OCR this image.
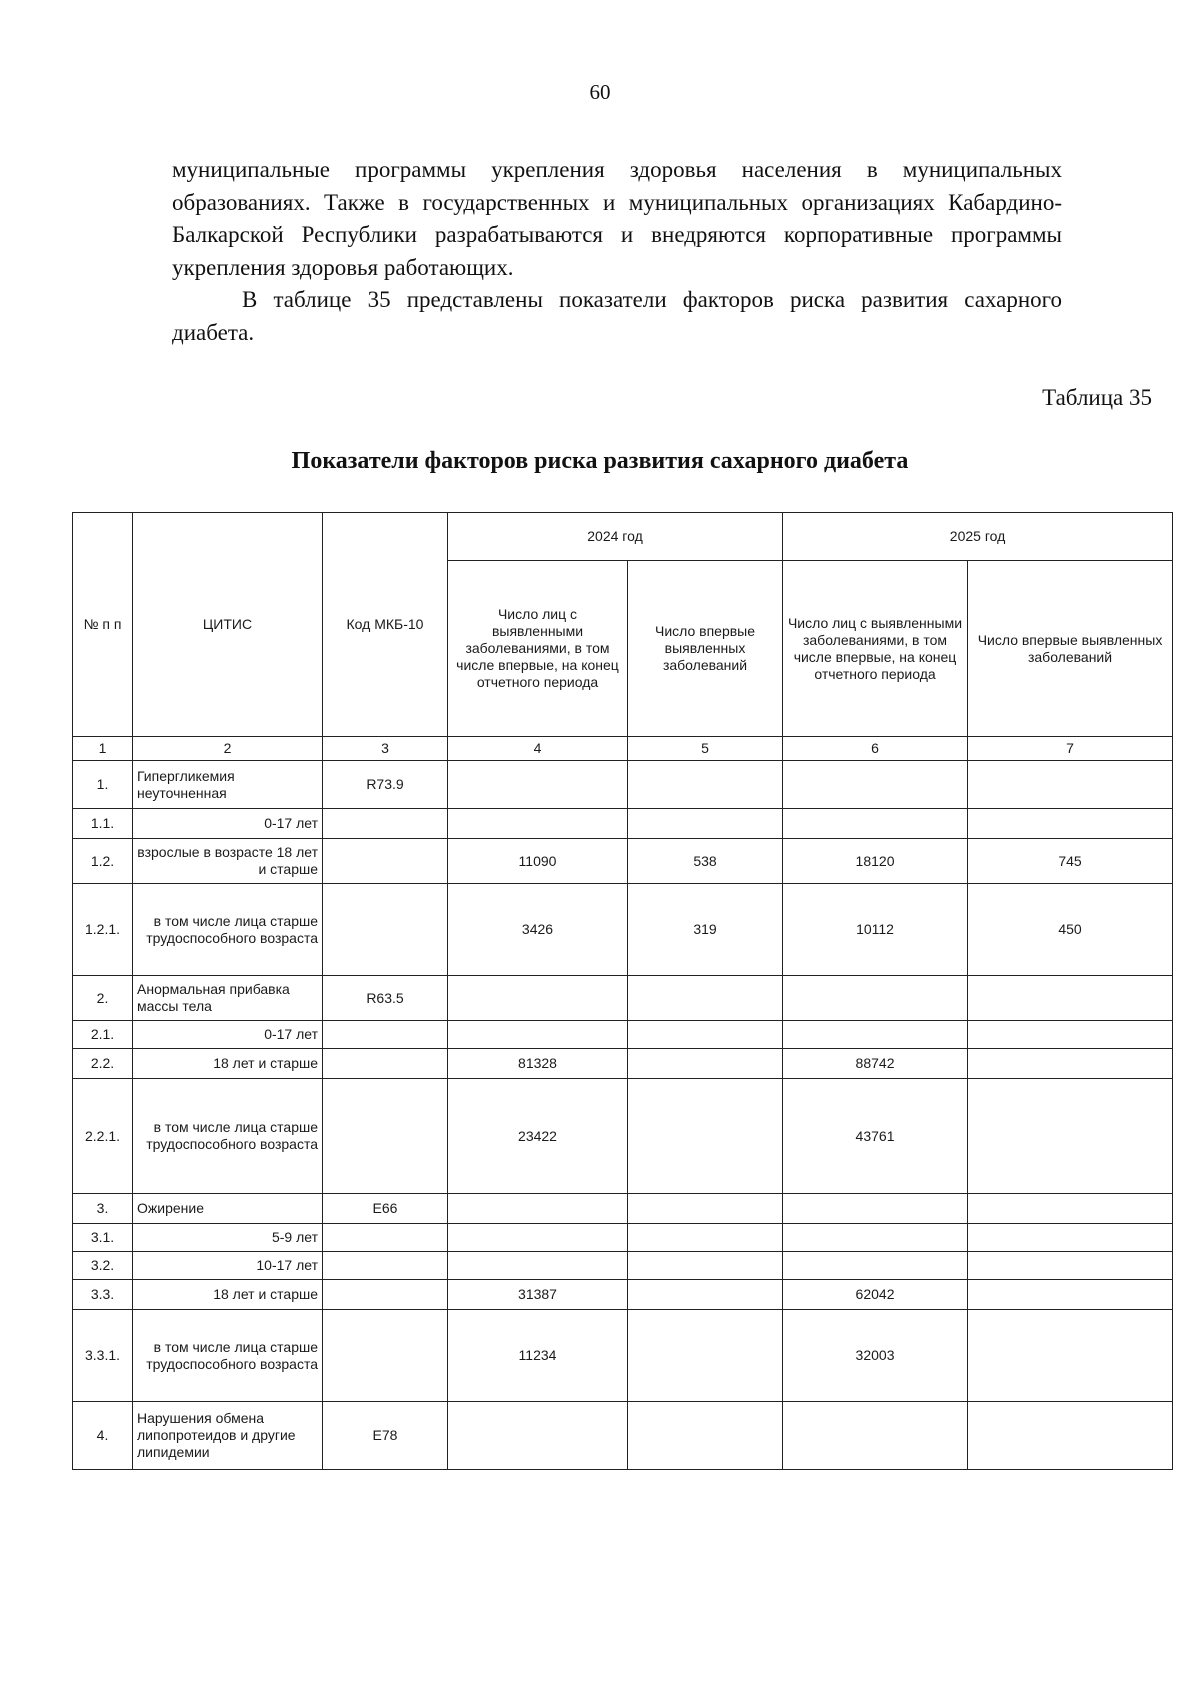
60

муниципальные программы укрепления здоровья населения в муниципальных образованиях. Также в государственных и муниципальных организациях Кабардино-Балкарской Республики разрабатываются и внедряются корпоративные программы укрепления здоровья работающих.

В таблице 35 представлены показатели факторов риска развития сахарного диабета.

Таблица 35
Показатели факторов риска развития сахарного диабета
№ п п	ЦИТИС	Код МКБ-10	2024 год		2025 год	
			Число лиц с выявленными заболеваниями, в том числе впервые, на конец отчетного периода	Число впервые выявленных заболеваний	Число лиц с выявленными заболеваниями, в том числе впервые, на конец отчетного периода	Число впервые выявленных заболеваний
1	2	3	4	5	6	7
1.	Гипергликемия неуточненная	R73.9				
1.1.	0-17 лет					
1.2.	взрослые в возрасте 18 лет и старше		11090	538	18120	745
1.2.1.	в том числе лица старше трудоспособного возраста		3426	319	10112	450
2.	Анормальная прибавка массы тела	R63.5				
2.1.	0-17 лет					
2.2.	18 лет и старше		81328		88742	
2.2.1.	в том числе лица старше трудоспособного возраста		23422		43761	
3.	Ожирение	E66				
3.1.	5-9 лет					
3.2.	10-17 лет					
3.3.	18 лет и старше		31387		62042	
3.3.1.	в том числе лица старше трудоспособного возраста		11234		32003	
4.	Нарушения обмена липопротеидов и другие липидемии	E78				
